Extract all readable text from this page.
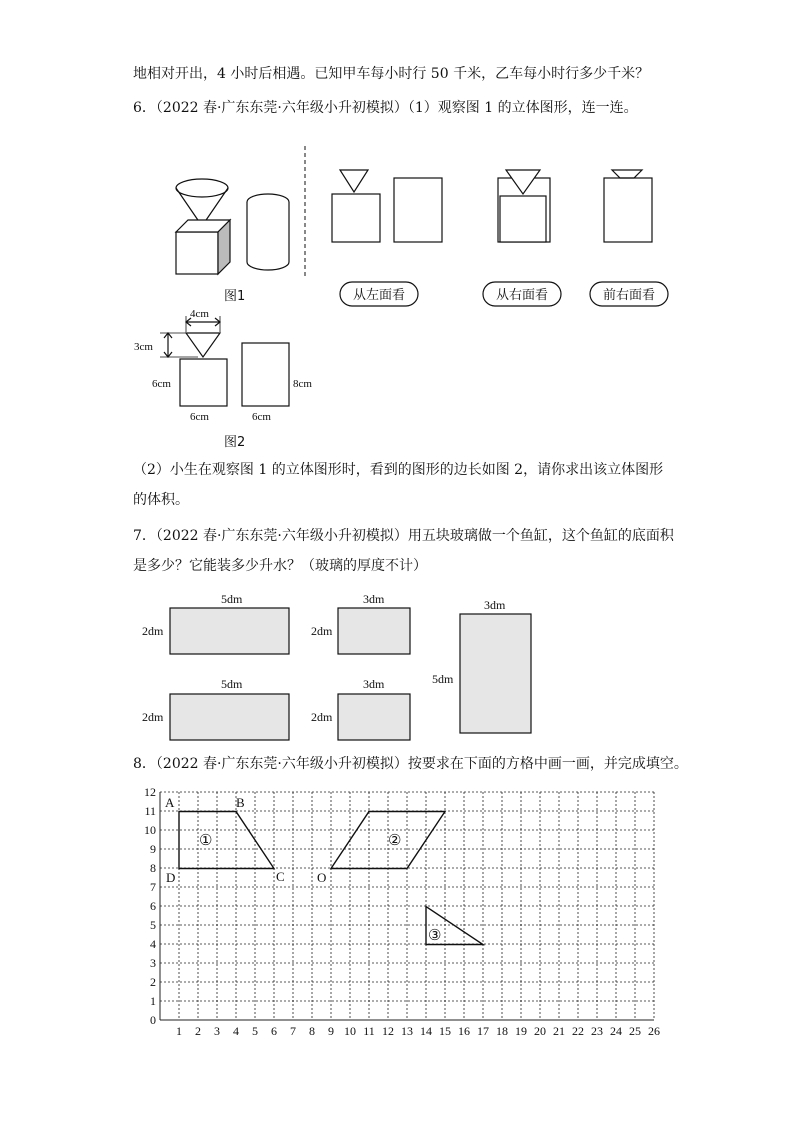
地相对开出，4 小时后相遇。已知甲车每小时行 50 千米，乙车每小时行多少千米？
6．（2022 春·广东东莞·六年级小升初模拟）（1）观察图 1 的立体图形，连一连。
图1	从左面看	从右面看	前右面看
4cm
3cm
6cm
6cm	6cm
8cm
图2
5dm
2dm
3dm
2dm
3dm
5dm
5dm
2dm
3dm
2dm
1 2 3 4 5 6 7 8 9 10 11 12 13 14 15 16 17 18 19 20 21 22 23 24 25 26
0
1
2
3
4
5
6
7
8
9
10
11
12
A	B
C
D	O
①	②
③
（2）小生在观察图 1 的立体图形时，看到的图形的边长如图 2，请你求出该立体图形
的体积。
7．（2022 春·广东东莞·六年级小升初模拟）用五块玻璃做一个鱼缸，这个鱼缸的底面积
是多少？它能装多少升水？（玻璃的厚度不计）
8．（2022 春·广东东莞·六年级小升初模拟）按要求在下面的方格中画一画，并完成填空。
